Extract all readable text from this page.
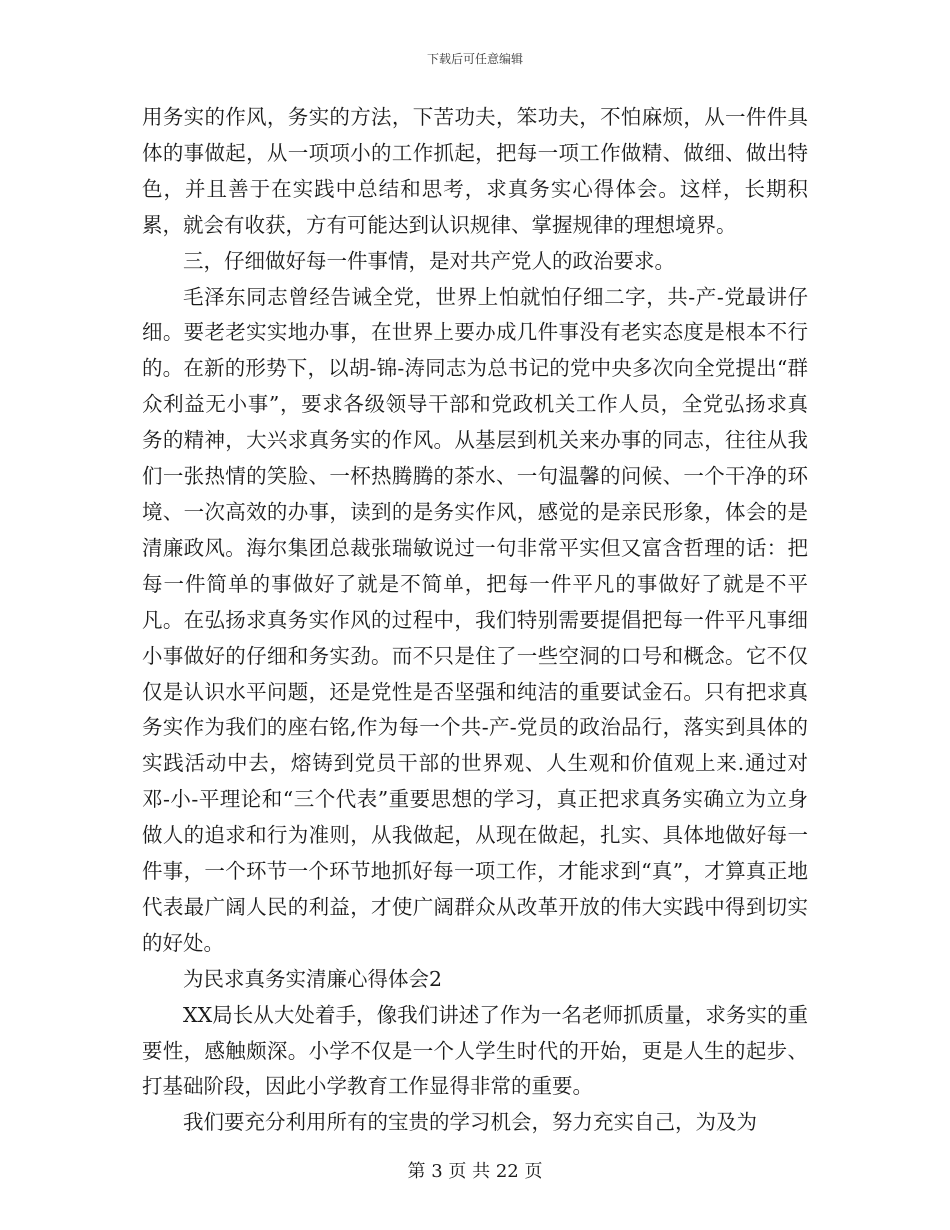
下载后可任意编辑

用务实的作风，务实的方法，下苦功夫，笨功夫，不怕麻烦，从一件件具体的事做起，从一项项小的工作抓起，把每一项工作做精、做细、做出特色，并且善于在实践中总结和思考，求真务实心得体会。这样，长期积累，就会有收获，方有可能达到认识规律、掌握规律的理想境界。

三，仔细做好每一件事情，是对共产党人的政治要求。

毛泽东同志曾经告诫全党，世界上怕就怕仔细二字，共-产-党最讲仔细。要老老实实地办事，在世界上要办成几件事没有老实态度是根本不行的。在新的形势下，以胡-锦-涛同志为总书记的党中央多次向全党提出“群众利益无小事”，要求各级领导干部和党政机关工作人员，全党弘扬求真务的精神，大兴求真务实的作风。从基层到机关来办事的同志，往往从我们一张热情的笑脸、一杯热腾腾的茶水、一句温馨的问候、一个干净的环境、一次高效的办事，读到的是务实作风，感觉的是亲民形象，体会的是清廉政风。海尔集团总裁张瑞敏说过一句非常平实但又富含哲理的话：把每一件简单的事做好了就是不简单，把每一件平凡的事做好了就是不平凡。在弘扬求真务实作风的过程中，我们特别需要提倡把每一件平凡事细小事做好的仔细和务实劲。而不只是住了一些空洞的口号和概念。它不仅仅是认识水平问题，还是党性是否坚强和纯洁的重要试金石。只有把求真务实作为我们的座右铭,作为每一个共-产-党员的政治品行，落实到具体的实践活动中去，熔铸到党员干部的世界观、人生观和价值观上来.通过对邓-小-平理论和“三个代表”重要思想的学习，真正把求真务实确立为立身做人的追求和行为准则，从我做起，从现在做起，扎实、具体地做好每一件事，一个环节一个环节地抓好每一项工作，才能求到“真”，才算真正地代表最广阔人民的利益，才使广阔群众从改革开放的伟大实践中得到切实的好处。

为民求真务实清廉心得体会2

XX局长从大处着手，像我们讲述了作为一名老师抓质量，求务实的重要性，感触颇深。小学不仅是一个人学生时代的开始，更是人生的起步、打基础阶段，因此小学教育工作显得非常的重要。

我们要充分利用所有的宝贵的学习机会，努力充实自己，为及为

第 3 页 共 22 页
